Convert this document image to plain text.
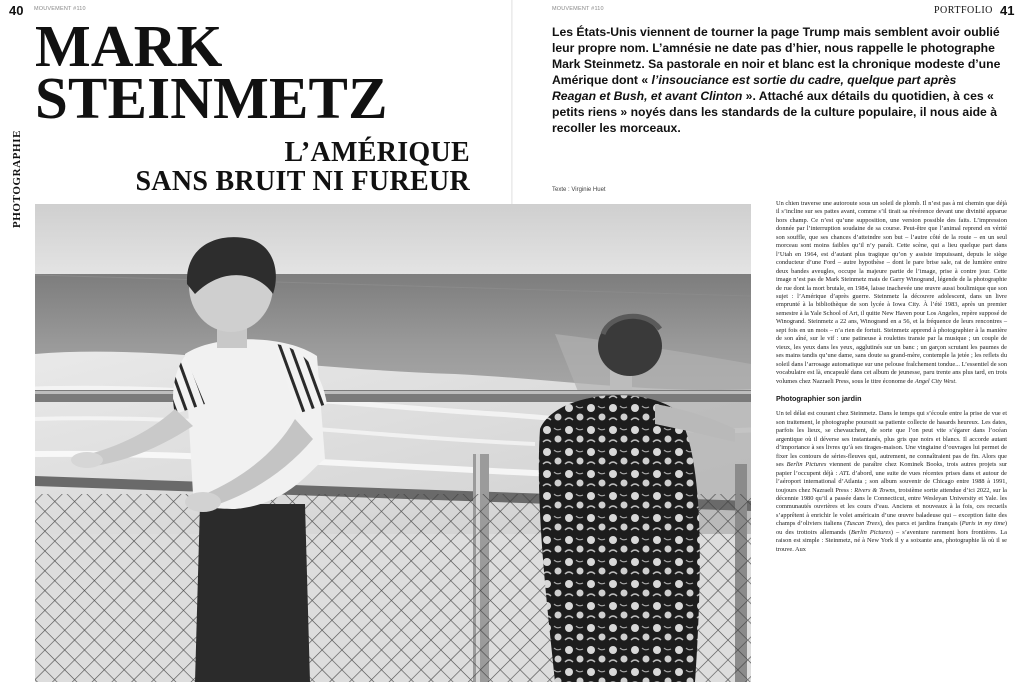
40 MOUVEMENT #110
PHOTOGRAPHIE
MARK
STEINMETZ
L’AMÉRIQUE
SANS BRUIT NI FUREUR
MOUVEMENT #110	PORTFOLIO 41

Les États-Unis viennent de tourner la page Trump mais semblent avoir oublié leur propre nom. L’amnésie ne date pas d’hier, nous rappelle le photographe Mark Steinmetz. Sa pastorale en noir et blanc est la chronique modeste d’une Amérique dont « l’insouciance est sortie du cadre, quelque part après Reagan et Bush, et avant Clinton ». Attaché aux détails du quotidien, à ces « petits riens » noyés dans les standards de la culture populaire, il nous aide à recoller les morceaux.

Texte : Virginie Huet

Un chien traverse une autoroute sous un soleil de plomb. Il n’est pas à mi chemin que déjà il s’incline sur ses pattes avant, comme s’il tirait sa révérence devant une divinité apparue hors champ. Ce n’est qu’une supposition, une version possible des faits. L’impression donnée par l’interruption soudaine de sa course. Peut-être que l’animal reprend en vérité son souffle, que ses chances d’atteindre son but – l’autre côté de la route – en un seul morceau sont moins faibles qu’il n’y paraît. Cette scène, qui a lieu quelque part dans l’Utah en 1964, est d’autant plus tragique qu’on y assiste impuissant, depuis le siège conducteur d’une Ford – autre hypothèse – dont le pare brise sale, rai de lumière entre deux bandes aveugles, occupe la majeure partie de l’image, prise à contre jour. Cette image n’est pas de Mark Steinmetz mais de Garry Winogrand, légende de la photographie de rue dont la mort brutale, en 1984, laisse inachevée une œuvre aussi boulimique que son sujet : l’Amérique d’après guerre. Steinmetz la découvre adolescent, dans un livre emprunté à la bibliothèque de son lycée à Iowa City. À l’été 1983, après un premier semestre à la Yale School of Art, il quitte New Haven pour Los Angeles, repère supposé de Winogrand. Steinmetz a 22 ans, Winogrand en a 56, et la fréquence de leurs rencontres – sept fois en un mois – n’a rien de fortuit. Steinmetz apprend à photographier à la manière de son aîné, sur le vif : une patineuse à roulettes transie par la musique ; un couple de vieux, les yeux dans les yeux, agglutinés sur un banc ; un garçon scrutant les paumes de ses mains tandis qu’une dame, sans doute sa grand-mère, contemple la jetée ; les reflets du soleil dans l’arrosage automatique sur une pelouse fraîchement tondue... L’essentiel de son vocabulaire est là, encapsulé dans cet album de jeunesse, paru trente ans plus tard, en trois volumes chez Nazraeli Press, sous le titre économe de Angel City West.

Photographier son jardin

Un tel délai est courant chez Steinmetz. Dans le temps qui s’écoule entre la prise de vue et son traitement, le photographe poursuit sa patiente collecte de hasards heureux. Les dates, parfois les lieux, se chevauchent, de sorte que l’on peut vite s’égarer dans l’océan argentique où il déverse ses instantanés, plus gris que noirs et blancs. Il accorde autant d’importance à ses livres qu’à ses tirages-maison. Une vingtaine d’ouvrages lui permet de fixer les contours de séries-fleuves qui, autrement, ne connaîtraient pas de fin. Alors que ses Berlin Pictures viennent de paraître chez Kominek Books, trois autres projets sur papier l’occupent déjà : ATL d’abord, une suite de vues récentes prises dans et autour de l’aéroport international d’Atlanta ; son album souvenir de Chicago entre 1988 à 1991, toujours chez Nazraeli Press : Rivers & Towns, troisième sortie attendue d’ici 2022, sur la décennie 1980 qu’il a passée dans le Connecticut, entre Wesleyan University et Yale. les communautés ouvrières et les cours d’eau. Anciens et nouveaux à la fois, ces recueils s’apprêtent à enrichir le volet américain d’une œuvre baladeuse qui – exception faite des champs d’oliviers italiens (Tuscan Trees), des parcs et jardins français (Paris in my time) ou des trottoirs allemands (Berlin Pictures) – s’aventure rarement hors frontières. La raison est simple : Steinmetz, né à New York il y a soixante ans, photographie là où il se trouve. Aux
